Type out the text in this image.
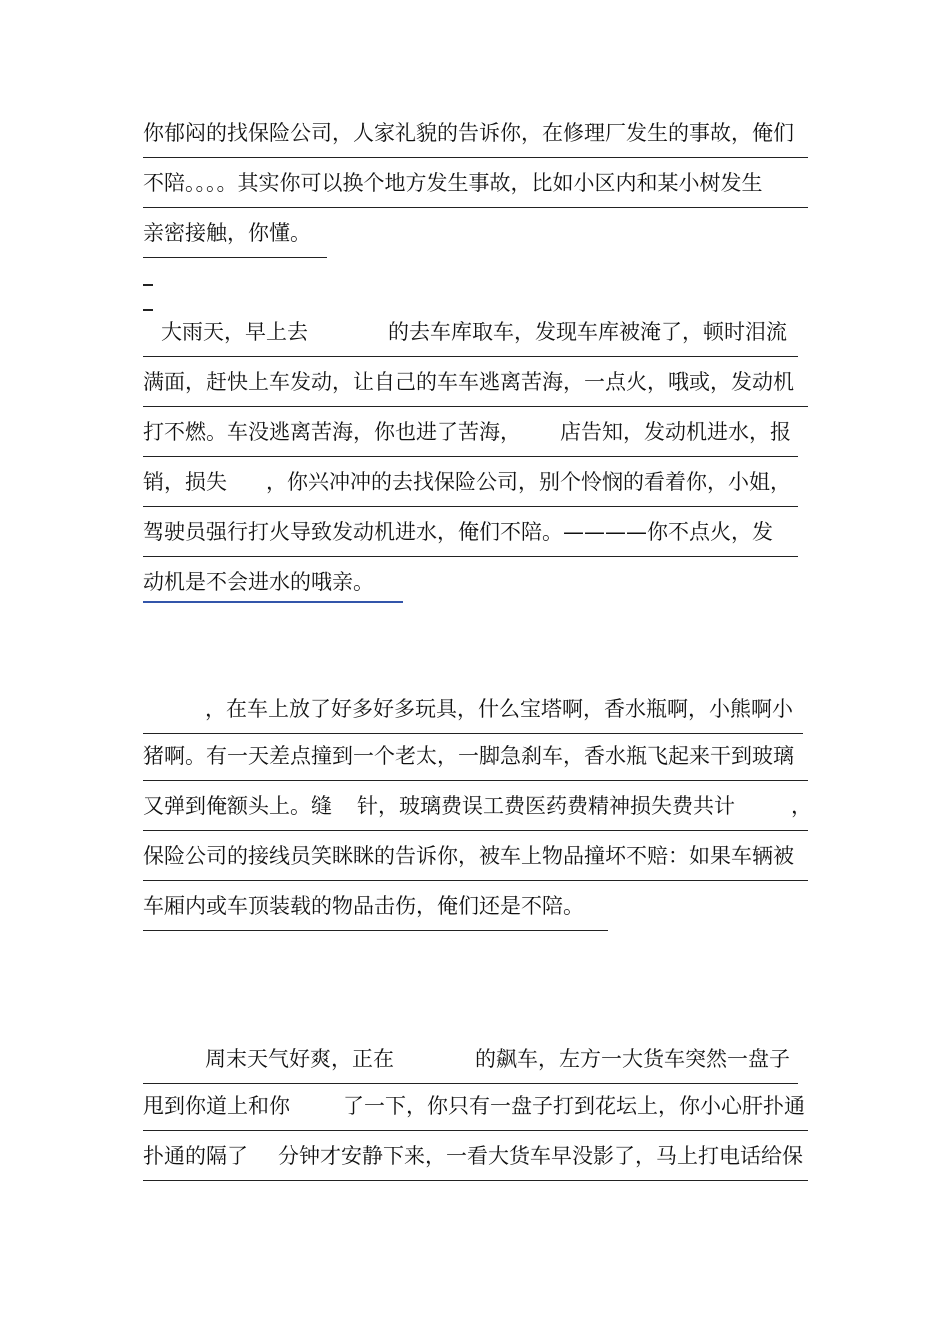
你郁闷的找保险公司，人家礼貌的告诉你，在修理厂发生的事故，俺们
不陪。。。。其实你可以换个地方发生事故，比如小区内和某小树发生
亲密接触，你懂。
大雨天，早上去	的去车库取车，发现车库被淹了，顿时泪流
满面，赶快上车发动，让自己的车车逃离苦海，一点火，哦或，发动机
打不燃。车没逃离苦海，你也进了苦海， 店告知，发动机进水，报
销，损失 ，你兴冲冲的去找保险公司，别个怜悯的看着你，小姐，
驾驶员强行打火导致发动机进水，俺们不陪。————你不点火，发
动机是不会进水的哦亲。
，在车上放了好多好多玩具，什么宝塔啊，香水瓶啊，小熊啊小
猪啊。有一天差点撞到一个老太，一脚急刹车，香水瓶飞起来干到玻璃
又弹到俺额头上。缝 针，玻璃费误工费医药费精神损失费共计	，
保险公司的接线员笑眯眯的告诉你，被车上物品撞坏不赔：如果车辆被
车厢内或车顶装载的物品击伤，俺们还是不陪。
周末天气好爽，正在	的飙车，左方一大货车突然一盘子
甩到你道上和你	了一下，你只有一盘子打到花坛上，你小心肝扑通
扑通的隔了 分钟才安静下来，一看大货车早没影了，马上打电话给保
